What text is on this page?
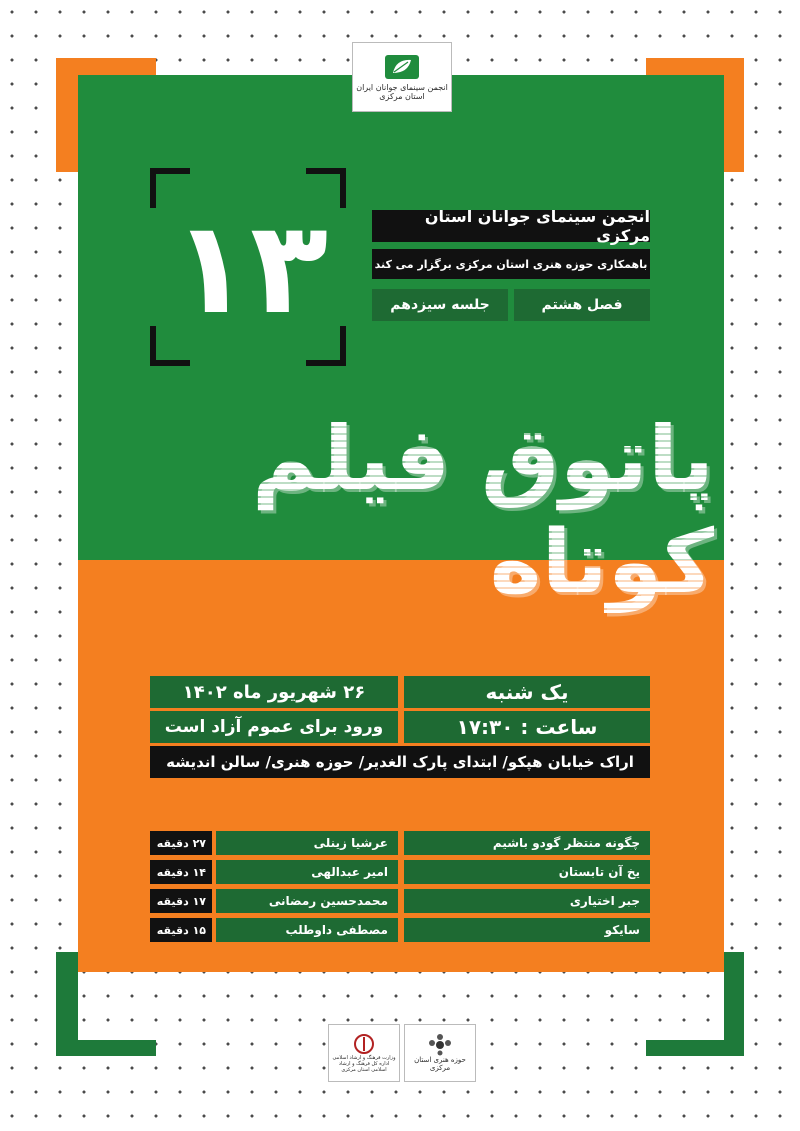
انجمن سینمای جوانان ایران
استان مرکزی
۱۳	انجمن سینمای جوانان استان مرکزی
باهمکاری حوزه هنری استان مرکزی برگزار می کند
فصل هشتم
جلسه سیزدهم
پاتوق فیلم کوتاه
یک شنبه
۲۶ شهریور ماه ۱۴۰۲
ساعت : ۱۷:۳۰
ورود برای عموم آزاد است
اراک خیابان هپکو/ ابتدای پارک الغدیر/ حوزه هنری/ سالن اندیشه
چگونه منتظر گودو باشیم
عرشیا زینلی
۲۷ دقیقه
یخ آن تابستان
امیر عبدالهی
۱۴ دقیقه
جبر اختیاری
محمدحسین رمضانی
۱۷ دقیقه
سایکو
مصطفی داوطلب
۱۵ دقیقه
وزارت فرهنگ و ارشاد اسلامی اداره کل فرهنگ و ارشاد اسلامی استان مرکزی
حوزه هنری استان مرکزی
